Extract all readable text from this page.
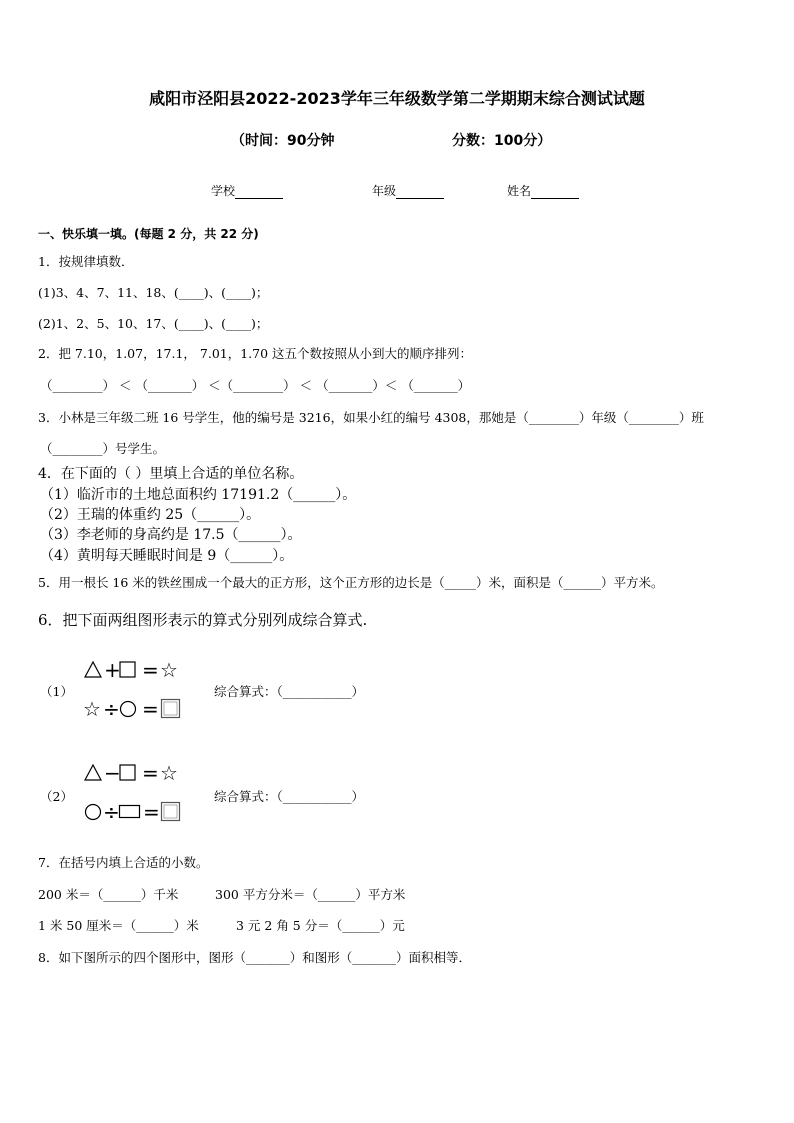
咸阳市泾阳县2022-2023学年三年级数学第二学期期末综合测试试题
（时间：90分钟	分数：100分）
学校	年级	姓名
一、快乐填一填。(每题 2 分，共 22 分)
1．按规律填数．
(1)3、4、7、11、18、(____)、(____)；
(2)1、2、5、10、17、(____)、(____)；
2．把 7.10，1.07，17.1， 7.01，1.70 这五个数按照从小到大的顺序排列：
（________） ＜ （_______） ＜（________） ＜ （_______）＜ （_______）
3．小林是三年级二班 16 号学生，他的编号是 3216，如果小红的编号 4308，那她是（________）年级（________）班
（________）号学生。
4．在下面的（ ）里填上合适的单位名称。
（1）临沂市的土地总面积约 17191.2（______）。
（2）王瑞的体重约 25（______）。
（3）李老师的身高约是 17.5（______）。
（4）黄明每天睡眠时间是 9（______）。
5．用一根长 16 米的铁丝围成一个最大的正方形，这个正方形的边长是（_____）米，面积是（______）平方米。
6．把下面两组图形表示的算式分别列成综合算式.
（1）
+ = ☆
☆ ÷ =
综合算式：（___________）
（2）
− = ☆
÷ =
综合算式：（___________）
7．在括号内填上合适的小数。
200 米＝（______）千米	300 平方分米＝（______）平方米
1 米 50 厘米＝（______）米	3 元 2 角 5 分＝（______）元
8．如下图所示的四个图形中，图形（_______）和图形（_______）面积相等．
